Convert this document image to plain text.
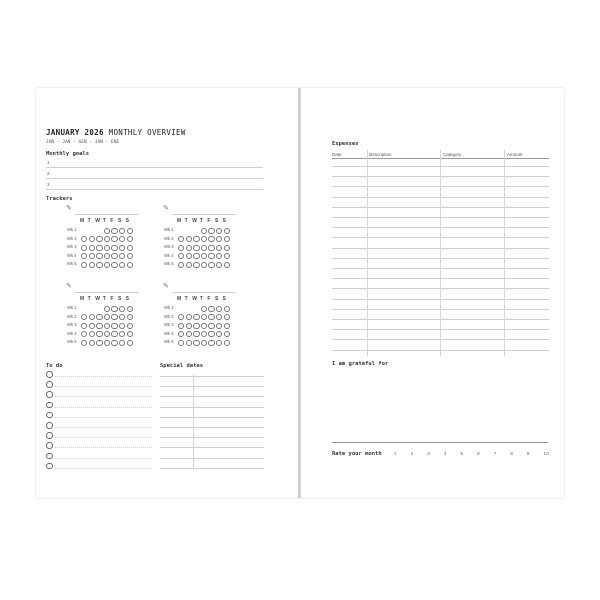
JANUARY 2026 MONTHLY OVERVIEW
JAN - JAN - GEN - JAN - ENE
Monthly goals
Trackers
To do	Special dates
Expenses
Date	Description	Category	Amount
I am grateful for
Rate your month
1
2
3
✎
M T W T F S S
Wk 1
Wk 2
Wk 3
Wk 4
Wk 5
✎
M T W T F S S
Wk 1
Wk 2
Wk 3
Wk 4
Wk 5
✎
M T W T F S S
Wk 1
Wk 2
Wk 3
Wk 4
Wk 5
✎
M T W T F S S
Wk 1
Wk 2
Wk 3
Wk 4
Wk 5
1	2	3	4	5	6	7	8	9	10
